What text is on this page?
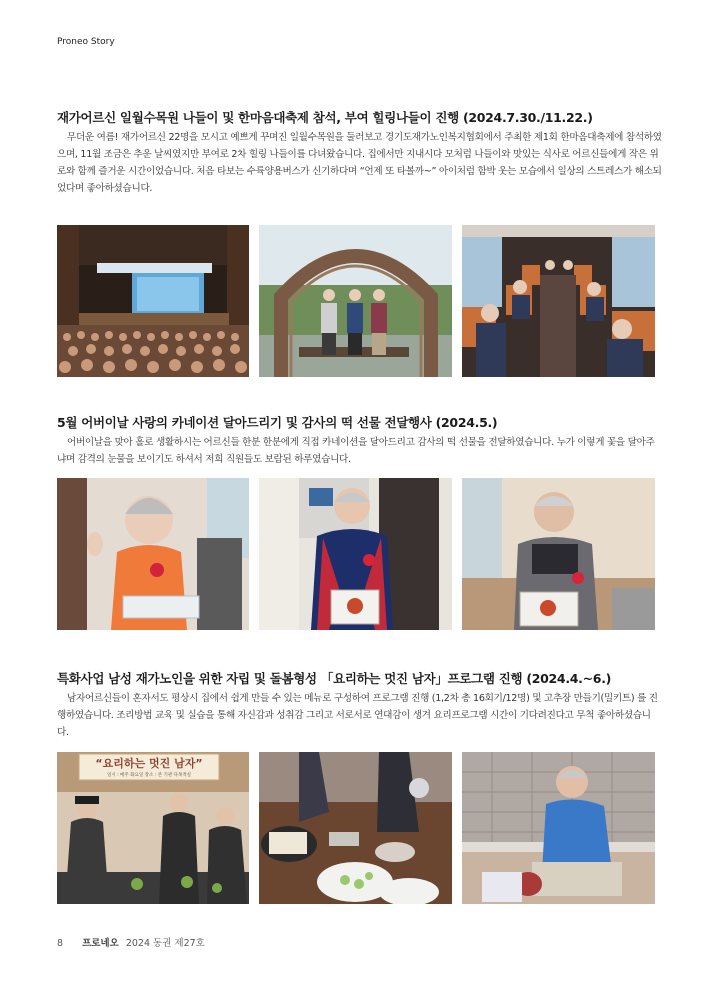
Proneo Story
재가어르신 일월수목원 나들이 및 한마음대축제 참석, 부여 힐링나들이 진행 (2024.7.30./11.22.)
무더운 여름! 재가어르신 22명을 모시고 예쁘게 꾸며진 일월수목원을 둘러보고 경기도재가노인복지협회에서 주최한 제1회 한마음대축제에 참석하였으며, 11월 조금은 추운 날씨였지만 부여로 2차 힐링 나들이를 다녀왔습니다. 집에서만 지내시다 모처럼 나들이와 맛있는 식사로 어르신들에게 작은 위로와 함께 즐거운 시간이었습니다. 처음 타보는 수륙양용버스가 신기하다며 “언제 또 타볼까~” 아이처럼 함박 웃는 모습에서 일상의 스트레스가 해소되었다며 좋아하셨습니다.
5월 어버이날 사랑의 카네이션 달아드리기 및 감사의 떡 선물 전달행사 (2024.5.)
어버이날을 맞아 홀로 생활하시는 어르신들 한분 한분에게 직접 카네이션을 달아드리고 감사의 떡 선물을 전달하였습니다. 누가 이렇게 꽃을 달아주냐며 감격의 눈물을 보이기도 하셔서 저희 직원들도 보람된 하루였습니다.
특화사업 남성 재가노인을 위한 자립 및 돌봄형성 「요리하는 멋진 남자」프로그램 진행 (2024.4.~6.)
남자어르신들이 혼자서도 평상시 집에서 쉽게 만들 수 있는 메뉴로 구성하여 프로그램 진행 (1,2차 총 16회기/12명) 및 고추장 만들기(밀키트) 를 진행하였습니다. 조리방법 교육 및 실습을 통해 자신감과 성취감 그리고 서로서로 연대감이 생겨 요리프로그램 시간이 기다려진다고 무척 좋아하셨습니다.
“요리하는 멋진 남자”
일시 : 매주 화요일 장소 : 본 기관 다목적실
8 프로네오 2024 동권 제27호
